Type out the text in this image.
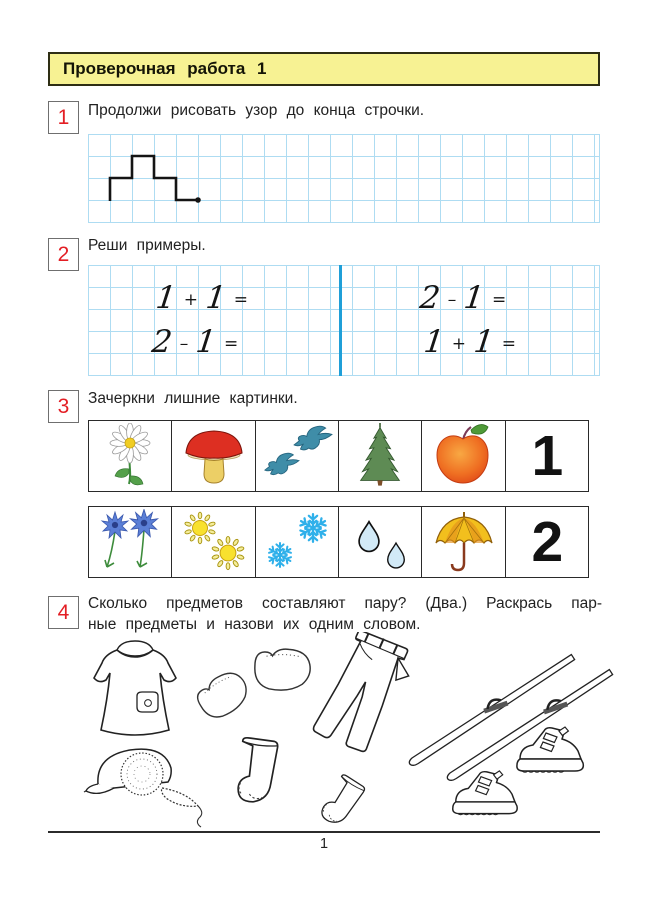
Проверочная работа 1
1 Продолжи рисовать узор до конца строчки.
2 Реши примеры.
1 + 1 =
2 – 1 =
2 – 1 =
1 + 1 =
3 Зачеркни лишние картинки.
1
2
4 Сколько предметов составляют пару? (Два.) Раскрась пар-
ные предметы и назови их одним словом.
1
